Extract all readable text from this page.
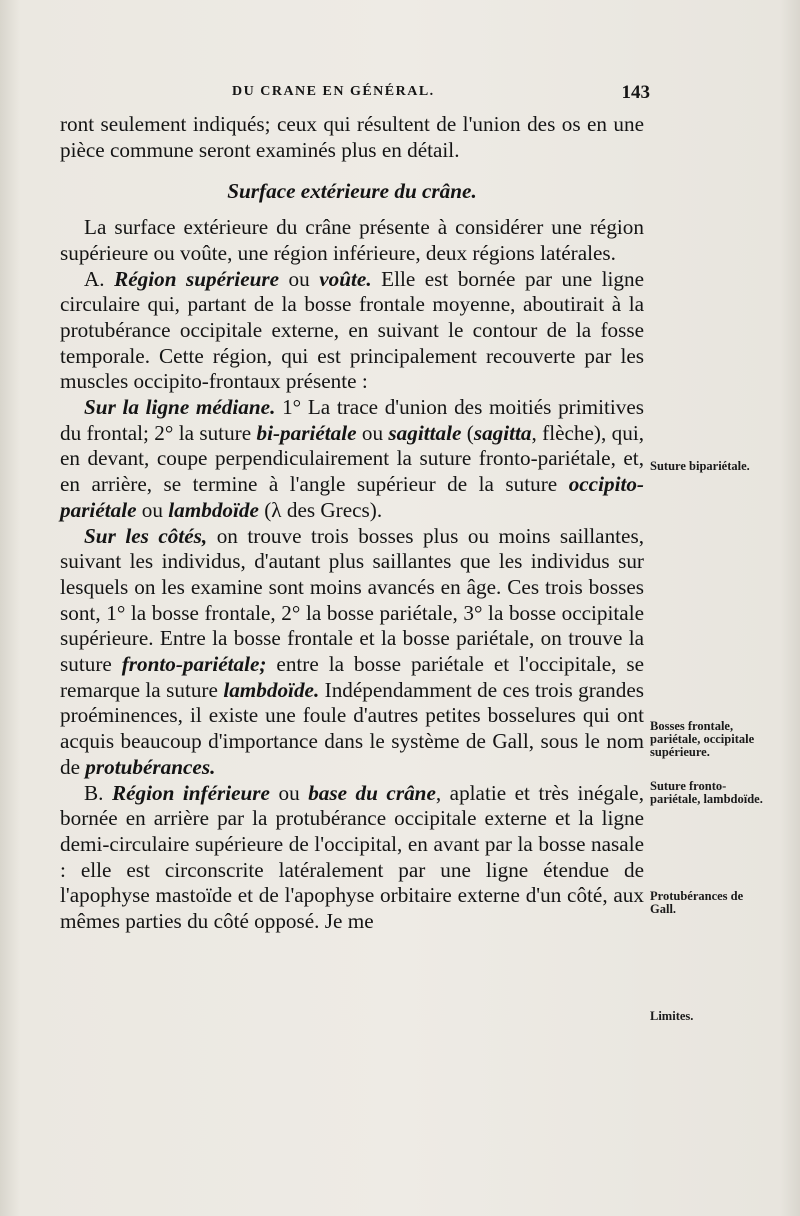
DU CRANE EN GÉNÉRAL.	143

ront seulement indiqués; ceux qui résultent de l'union des os en une pièce commune seront examinés plus en détail.

Surface extérieure du crâne.

La surface extérieure du crâne présente à considérer une région supérieure ou voûte, une région inférieure, deux régions latérales.

A. Région supérieure ou voûte. Elle est bornée par une ligne circulaire qui, partant de la bosse frontale moyenne, aboutirait à la protubérance occipitale externe, en suivant le contour de la fosse temporale. Cette région, qui est principalement recouverte par les muscles occipito-frontaux présente :

Sur la ligne médiane. 1° La trace d'union des moitiés primitives du frontal; 2° la suture bi-pariétale ou sagittale (sagitta, flèche), qui, en devant, coupe perpendiculairement la suture fronto-pariétale, et, en arrière, se termine à l'angle supérieur de la suture occipito-pariétale ou lambdoïde (λ des Grecs).

Sur les côtés, on trouve trois bosses plus ou moins saillantes, suivant les individus, d'autant plus saillantes que les individus sur lesquels on les examine sont moins avancés en âge. Ces trois bosses sont, 1° la bosse frontale, 2° la bosse pariétale, 3° la bosse occipitale supérieure. Entre la bosse frontale et la bosse pariétale, on trouve la suture fronto-pariétale; entre la bosse pariétale et l'occipitale, se remarque la suture lambdoïde. Indépendamment de ces trois grandes proéminences, il existe une foule d'autres petites bosselures qui ont acquis beaucoup d'importance dans le système de Gall, sous le nom de protubérances.

B. Région inférieure ou base du crâne, aplatie et très inégale, bornée en arrière par la protubérance occipitale externe et la ligne demi-circulaire supérieure de l'occipital, en avant par la bosse nasale : elle est circonscrite latéralement par une ligne étendue de l'apophyse mastoïde et de l'apophyse orbitaire externe d'un côté, aux mêmes parties du côté opposé. Je me

Suture bipariétale.
Bosses frontale, pariétale, occipitale supérieure.
Suture fronto-pariétale, lambdoïde.
Protubérances de Gall.
Limites.
